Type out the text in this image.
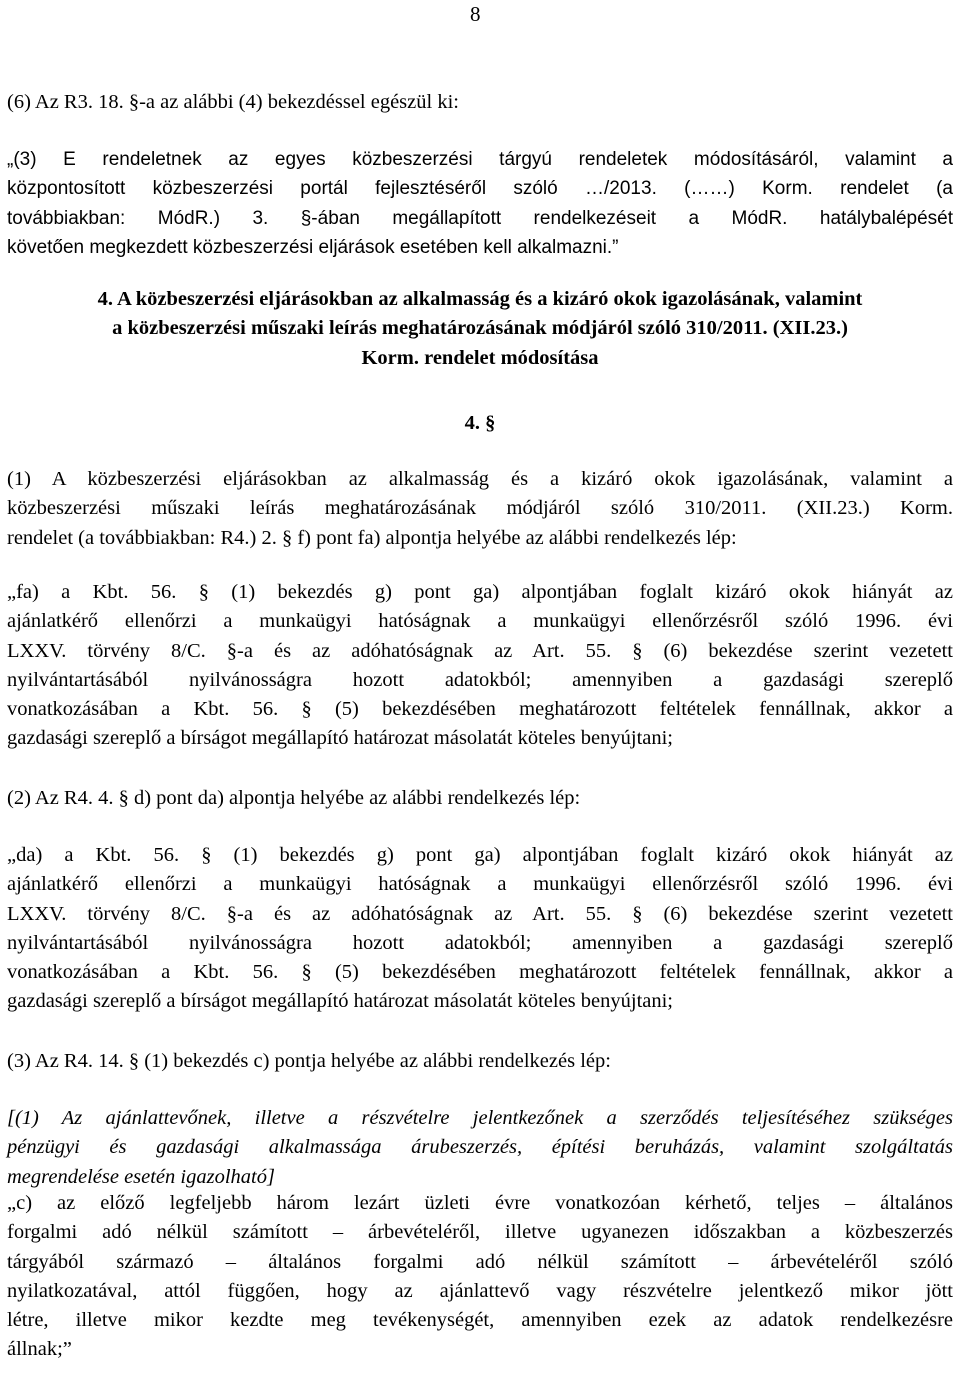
8
(6) Az R3. 18. §-a az alábbi (4) bekezdéssel egészül ki:
„(3) E rendeletnek az egyes közbeszerzési tárgyú rendeletek módosításáról, valamint a
központosított közbeszerzési portál fejlesztéséről szóló …/2013. (……) Korm. rendelet (a
továbbiakban: MódR.) 3. §-ában megállapított rendelkezéseit a MódR. hatálybalépését
követően megkezdett közbeszerzési eljárások esetében kell alkalmazni.”
4. A közbeszerzési eljárásokban az alkalmasság és a kizáró okok igazolásának, valamint
a közbeszerzési műszaki leírás meghatározásának módjáról szóló 310/2011. (XII.23.)
Korm. rendelet módosítása
4. §
(1) A közbeszerzési eljárásokban az alkalmasság és a kizáró okok igazolásának, valamint a
közbeszerzési műszaki leírás meghatározásának módjáról szóló 310/2011. (XII.23.) Korm.
rendelet (a továbbiakban: R4.) 2. § f) pont fa) alpontja helyébe az alábbi rendelkezés lép:
„fa) a Kbt. 56. § (1) bekezdés g) pont ga) alpontjában foglalt kizáró okok hiányát az
ajánlatkérő ellenőrzi a munkaügyi hatóságnak a munkaügyi ellenőrzésről szóló 1996. évi
LXXV. törvény 8/C. §-a és az adóhatóságnak az Art. 55. § (6) bekezdése szerint vezetett
nyilvántartásából nyilvánosságra hozott adatokból; amennyiben a gazdasági szereplő
vonatkozásában a Kbt. 56. § (5) bekezdésében meghatározott feltételek fennállnak, akkor a
gazdasági szereplő a bírságot megállapító határozat másolatát köteles benyújtani;
(2) Az R4. 4. § d) pont da) alpontja helyébe az alábbi rendelkezés lép:
„da) a Kbt. 56. § (1) bekezdés g) pont ga) alpontjában foglalt kizáró okok hiányát az
ajánlatkérő ellenőrzi a munkaügyi hatóságnak a munkaügyi ellenőrzésről szóló 1996. évi
LXXV. törvény 8/C. §-a és az adóhatóságnak az Art. 55. § (6) bekezdése szerint vezetett
nyilvántartásából nyilvánosságra hozott adatokból; amennyiben a gazdasági szereplő
vonatkozásában a Kbt. 56. § (5) bekezdésében meghatározott feltételek fennállnak, akkor a
gazdasági szereplő a bírságot megállapító határozat másolatát köteles benyújtani;
(3) Az R4. 14. § (1) bekezdés c) pontja helyébe az alábbi rendelkezés lép:
[(1) Az ajánlattevőnek, illetve a részvételre jelentkezőnek a szerződés teljesítéséhez szükséges
pénzügyi és gazdasági alkalmassága árubeszerzés, építési beruházás, valamint szolgáltatás
megrendelése esetén igazolható]
„c) az előző legfeljebb három lezárt üzleti évre vonatkozóan kérhető, teljes – általános
forgalmi adó nélkül számított – árbevételéről, illetve ugyanezen időszakban a közbeszerzés
tárgyából származó – általános forgalmi adó nélkül számított – árbevételéről szóló
nyilatkozatával, attól függően, hogy az ajánlattevő vagy részvételre jelentkező mikor jött
létre, illetve mikor kezdte meg tevékenységét, amennyiben ezek az adatok rendelkezésre
állnak;”
